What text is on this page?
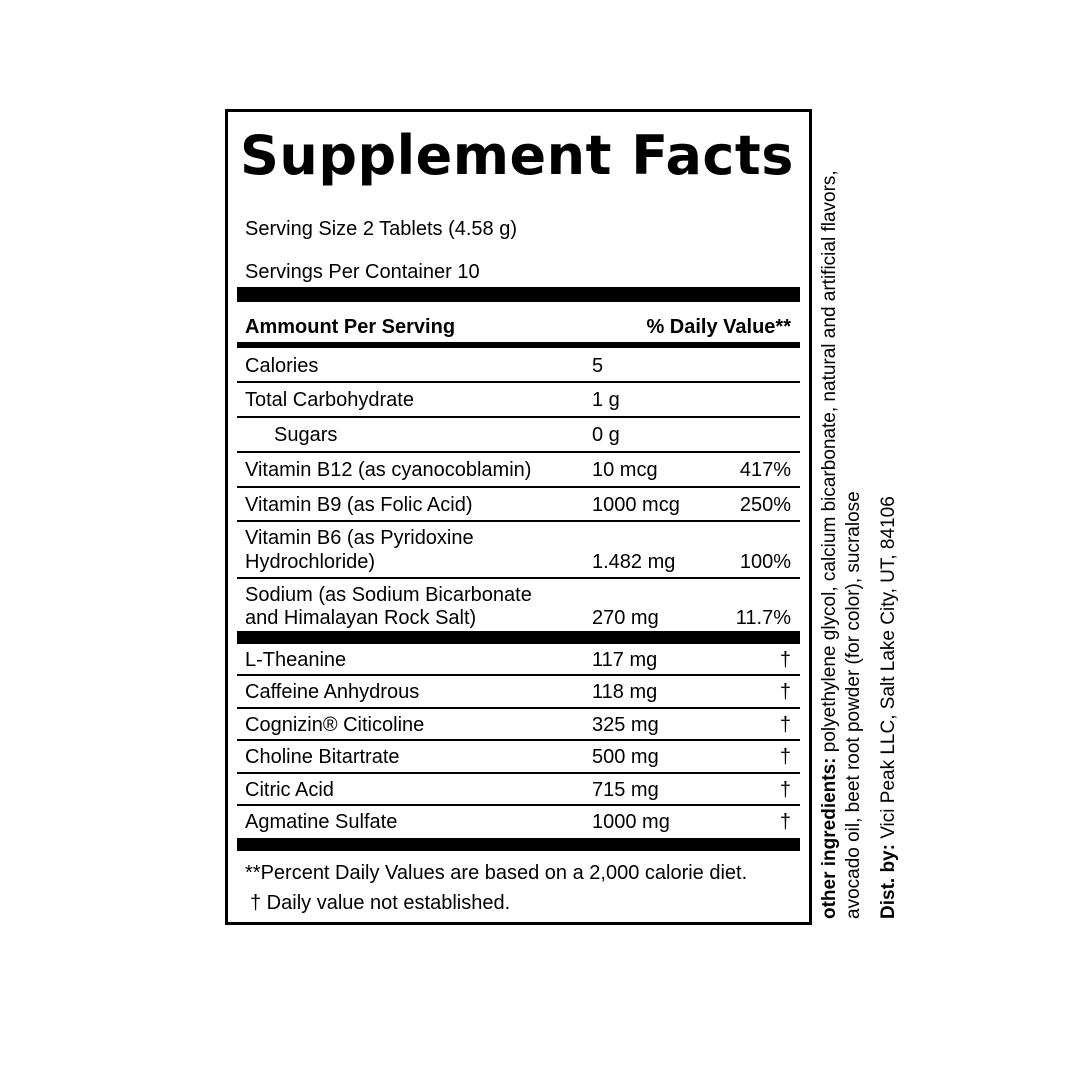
Supplement Facts
Serving Size 2 Tablets (4.58 g)
Servings Per Container 10
Ammount Per Serving	% Daily Value**
Calories	5
Total Carbohydrate	1 g
Sugars	0 g
Vitamin B12 (as cyanocoblamin)	10 mcg	417%
Vitamin B9 (as Folic Acid)	1000 mcg	250%
Vitamin B6 (as Pyridoxine
Hydrochloride)	1.482 mg	100%
Sodium (as Sodium Bicarbonate
and Himalayan Rock Salt)	270 mg	11.7%
L-Theanine	117 mg	†
Caffeine Anhydrous	118 mg	†
Cognizin® Citicoline	325 mg	†
Choline Bitartrate	500 mg	†
Citric Acid	715 mg	†
Agmatine Sulfate	1000 mg	†
**Percent Daily Values are based on a 2,000 calorie diet.
† Daily value not established.	other ingredients: polyethylene glycol, calcium bicarbonate, natural and artificial flavors, avocado oil, beet root powder (for color), sucralose Dist. by: Vici Peak LLC, Salt Lake City, UT, 84106
